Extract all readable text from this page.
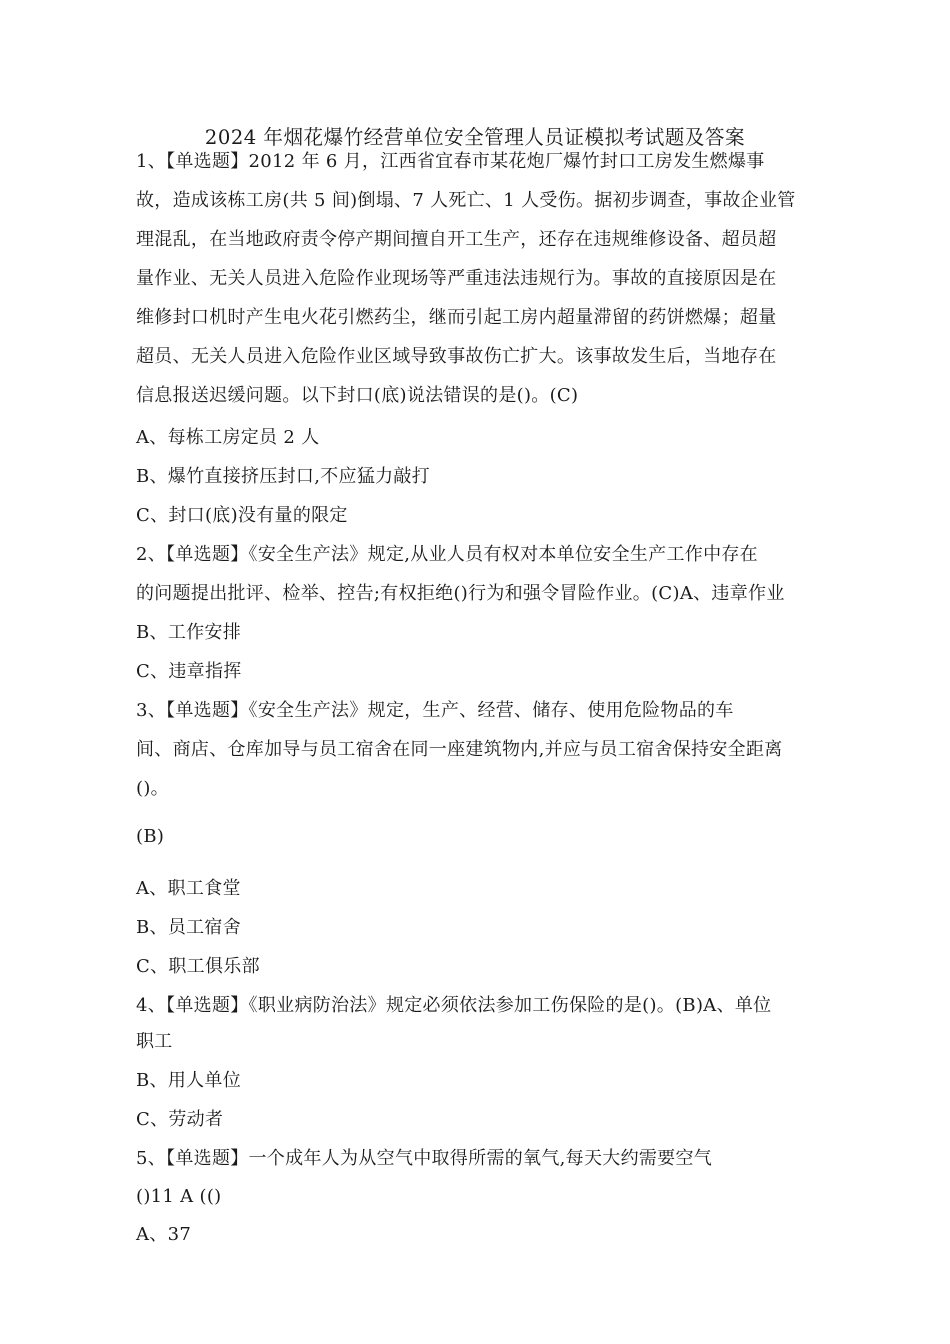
2024 年烟花爆竹经营单位安全管理人员证模拟考试题及答案
1、【单选题】2012 年 6 月，江西省宜春市某花炮厂爆竹封口工房发生燃爆事
故，造成该栋工房(共 5 间)倒塌、7 人死亡、1 人受伤。据初步调查，事故企业管
理混乱，在当地政府责令停产期间擅自开工生产，还存在违规维修设备、超员超
量作业、无关人员进入危险作业现场等严重违法违规行为。事故的直接原因是在
维修封口机时产生电火花引燃药尘，继而引起工房内超量滞留的药饼燃爆；超量
超员、无关人员进入危险作业区域导致事故伤亡扩大。该事故发生后，当地存在
信息报送迟缓问题。以下封口(底)说法错误的是()。(C)
A、每栋工房定员 2 人
B、爆竹直接挤压封口,不应猛力敲打
C、封口(底)没有量的限定
2、【单选题】《安全生产法》规定,从业人员有权对本单位安全生产工作中存在
的问题提出批评、检举、控告;有权拒绝()行为和强令冒险作业。(C)A、违章作业
B、工作安排
C、违章指挥
3、【单选题】《安全生产法》规定，生产、经营、储存、使用危险物品的车
间、商店、仓库加导与员工宿舍在同一座建筑物内,并应与员工宿舍保持安全距离
()。
(B)
A、职工食堂
B、员工宿舍
C、职工俱乐部
4、【单选题】《职业病防治法》规定必须依法参加工伤保险的是()。(B)A、单位
职工
B、用人单位
C、劳动者
5、【单选题】一个成年人为从空气中取得所需的氧气,每天大约需要空气
()11 A (()
A、37
